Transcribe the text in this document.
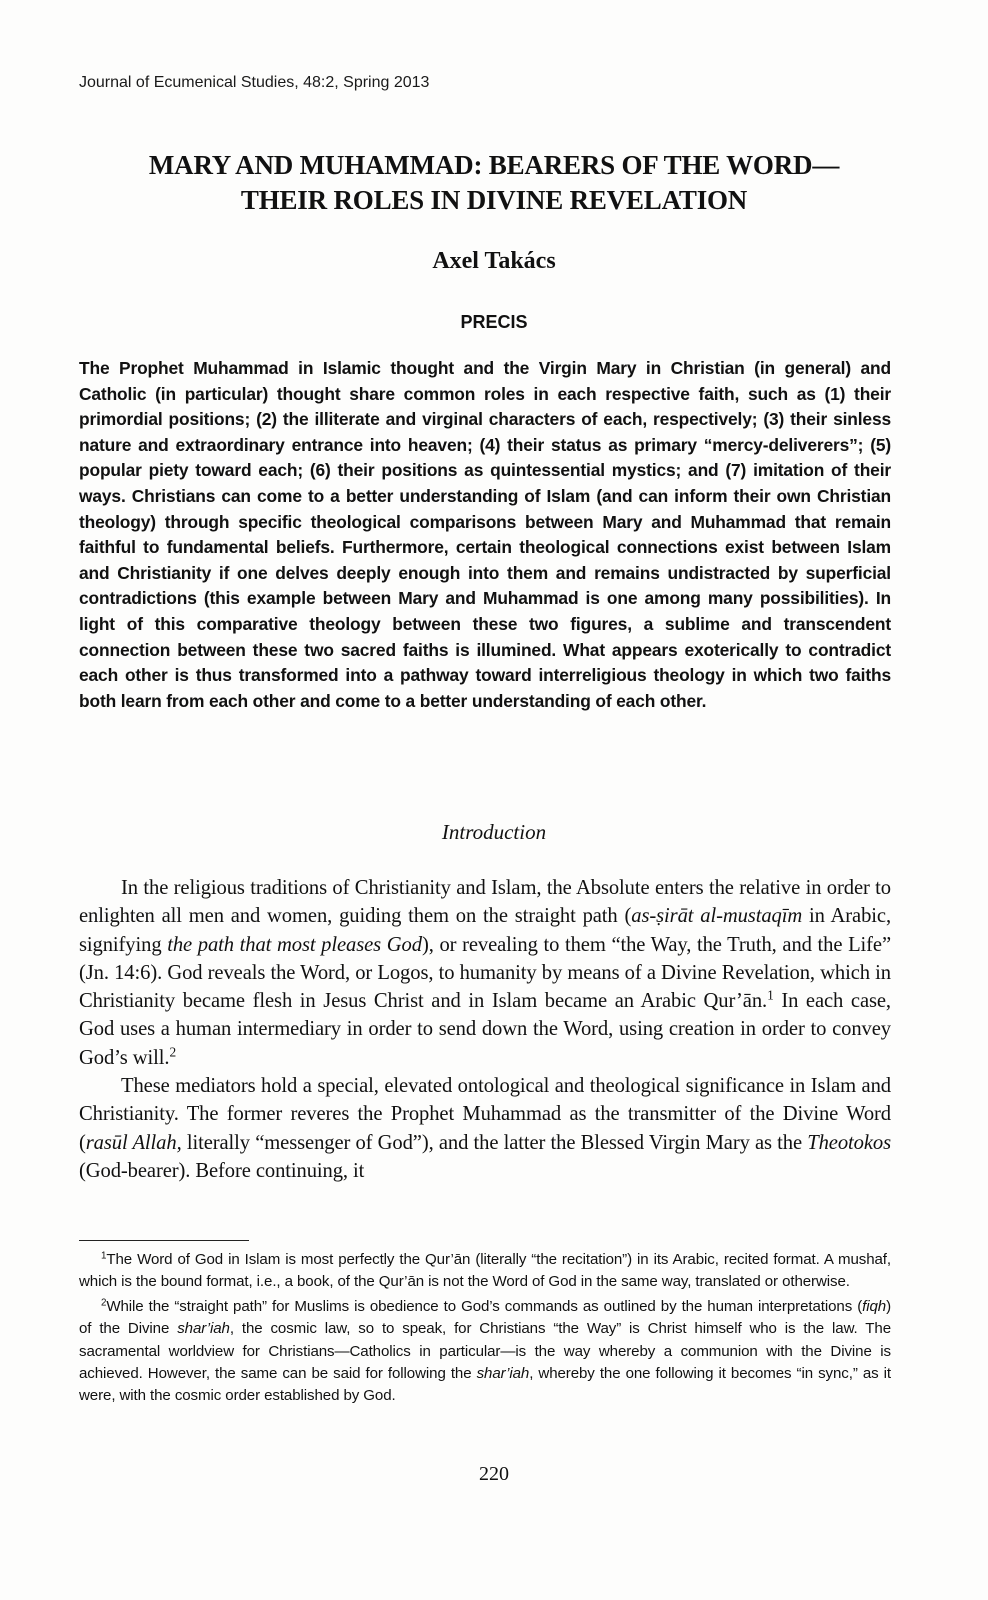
Journal of Ecumenical Studies, 48:2, Spring 2013
MARY AND MUHAMMAD: BEARERS OF THE WORD—
THEIR ROLES IN DIVINE REVELATION
Axel Takács
PRECIS

The Prophet Muhammad in Islamic thought and the Virgin Mary in Christian (in general) and Catholic (in particular) thought share common roles in each respective faith, such as (1) their primordial positions; (2) the illiterate and virginal characters of each, respectively; (3) their sinless nature and extraordinary entrance into heaven; (4) their status as primary “mercy-deliverers”; (5) popular piety toward each; (6) their positions as quintessential mystics; and (7) imitation of their ways. Christians can come to a better understanding of Islam (and can inform their own Christian theology) through specific theological comparisons between Mary and Muhammad that remain faithful to fundamental beliefs. Furthermore, certain theological connections exist between Islam and Christianity if one delves deeply enough into them and remains undistracted by superficial contradictions (this example between Mary and Muhammad is one among many possibilities). In light of this comparative theology between these two figures, a sublime and transcendent connection between these two sacred faiths is illumined. What appears exoterically to contradict each other is thus transformed into a pathway toward interreligious theology in which two faiths both learn from each other and come to a better understanding of each other.

Introduction

In the religious traditions of Christianity and Islam, the Absolute enters the relative in order to enlighten all men and women, guiding them on the straight path (as-ṣirāt al-mustaqīm in Arabic, signifying the path that most pleases God), or revealing to them “the Way, the Truth, and the Life” (Jn. 14:6). God reveals the Word, or Logos, to humanity by means of a Divine Revelation, which in Christianity became flesh in Jesus Christ and in Islam became an Arabic Qur’ān.$^1$ In each case, God uses a human intermediary in order to send down the Word, using creation in order to convey God’s will.$^2$

These mediators hold a special, elevated ontological and theological significance in Islam and Christianity. The former reveres the Prophet Muhammad as the transmitter of the Divine Word (rasūl Allah, literally “messenger of God”), and the latter the Blessed Virgin Mary as the Theotokos (God-bearer). Before continuing, it

$^1$The Word of God in Islam is most perfectly the Qur’ān (literally “the recitation”) in its Arabic, recited format. A mushaf, which is the bound format, i.e., a book, of the Qur’ān is not the Word of God in the same way, translated or otherwise.

$^2$While the “straight path” for Muslims is obedience to God’s commands as outlined by the human interpretations (fiqh) of the Divine shar’iah, the cosmic law, so to speak, for Christians “the Way” is Christ himself who is the law. The sacramental worldview for Christians—Catholics in particular—is the way whereby a communion with the Divine is achieved. However, the same can be said for following the shar’iah, whereby the one following it becomes “in sync,” as it were, with the cosmic order established by God.

220
